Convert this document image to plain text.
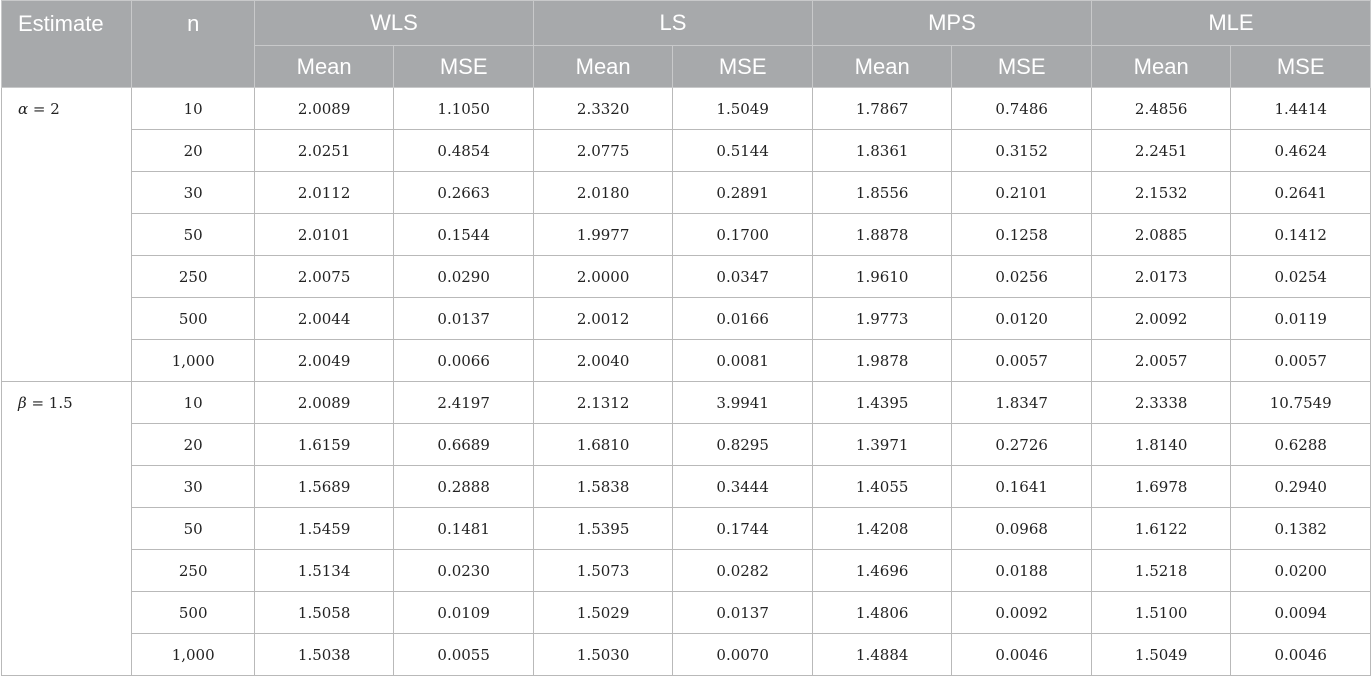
Estimate	n	WLS		LS		MPS		MLE	
		Mean	MSE	Mean	MSE	Mean	MSE	Mean	MSE
α = 2	10	2.0089	1.1050	2.3320	1.5049	1.7867	0.7486	2.4856	1.4414
	20	2.0251	0.4854	2.0775	0.5144	1.8361	0.3152	2.2451	0.4624
	30	2.0112	0.2663	2.0180	0.2891	1.8556	0.2101	2.1532	0.2641
	50	2.0101	0.1544	1.9977	0.1700	1.8878	0.1258	2.0885	0.1412
	250	2.0075	0.0290	2.0000	0.0347	1.9610	0.0256	2.0173	0.0254
	500	2.0044	0.0137	2.0012	0.0166	1.9773	0.0120	2.0092	0.0119
	1,000	2.0049	0.0066	2.0040	0.0081	1.9878	0.0057	2.0057	0.0057
β = 1.5	10	2.0089	2.4197	2.1312	3.9941	1.4395	1.8347	2.3338	10.7549
	20	1.6159	0.6689	1.6810	0.8295	1.3971	0.2726	1.8140	0.6288
	30	1.5689	0.2888	1.5838	0.3444	1.4055	0.1641	1.6978	0.2940
	50	1.5459	0.1481	1.5395	0.1744	1.4208	0.0968	1.6122	0.1382
	250	1.5134	0.0230	1.5073	0.0282	1.4696	0.0188	1.5218	0.0200
	500	1.5058	0.0109	1.5029	0.0137	1.4806	0.0092	1.5100	0.0094
	1,000	1.5038	0.0055	1.5030	0.0070	1.4884	0.0046	1.5049	0.0046
